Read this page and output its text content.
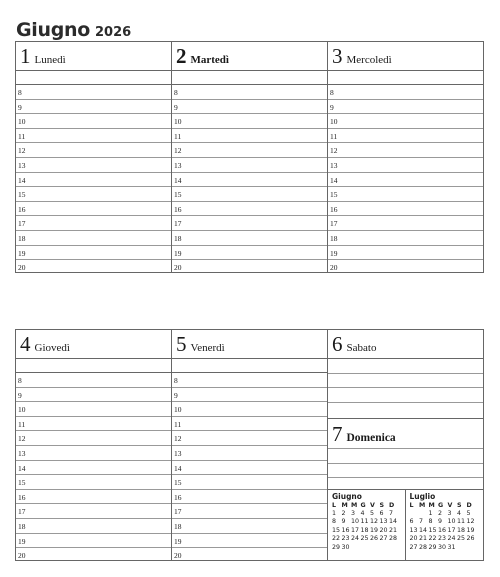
Giugno 2026
1 Lunedì
8
9
10
11
12
13
14
15
16
17
18
19
20
2 Martedì
8
9
10
11
12
13
14
15
16
17
18
19
20
3 Mercoledì
8
9
10
11
12
13
14
15
16
17
18
19
20
4 Giovedì
8
9
10
11
12
13
14
15
16
17
18
19
20
5 Venerdì
8
9
10
11
12
13
14
15
16
17
18
19
20
6 Sabato
7 Domenica
Giugno
L M M G V S D
1 2 3 4 5 6 7
8 9 10 11 12 13 14
15 16 17 18 19 20 21
22 23 24 25 26 27 28
29 30
Luglio
L M M G V S D
1 2 3 4 5
6 7 8 9 10 11 12
13 14 15 16 17 18 19
20 21 22 23 24 25 26
27 28 29 30 31
